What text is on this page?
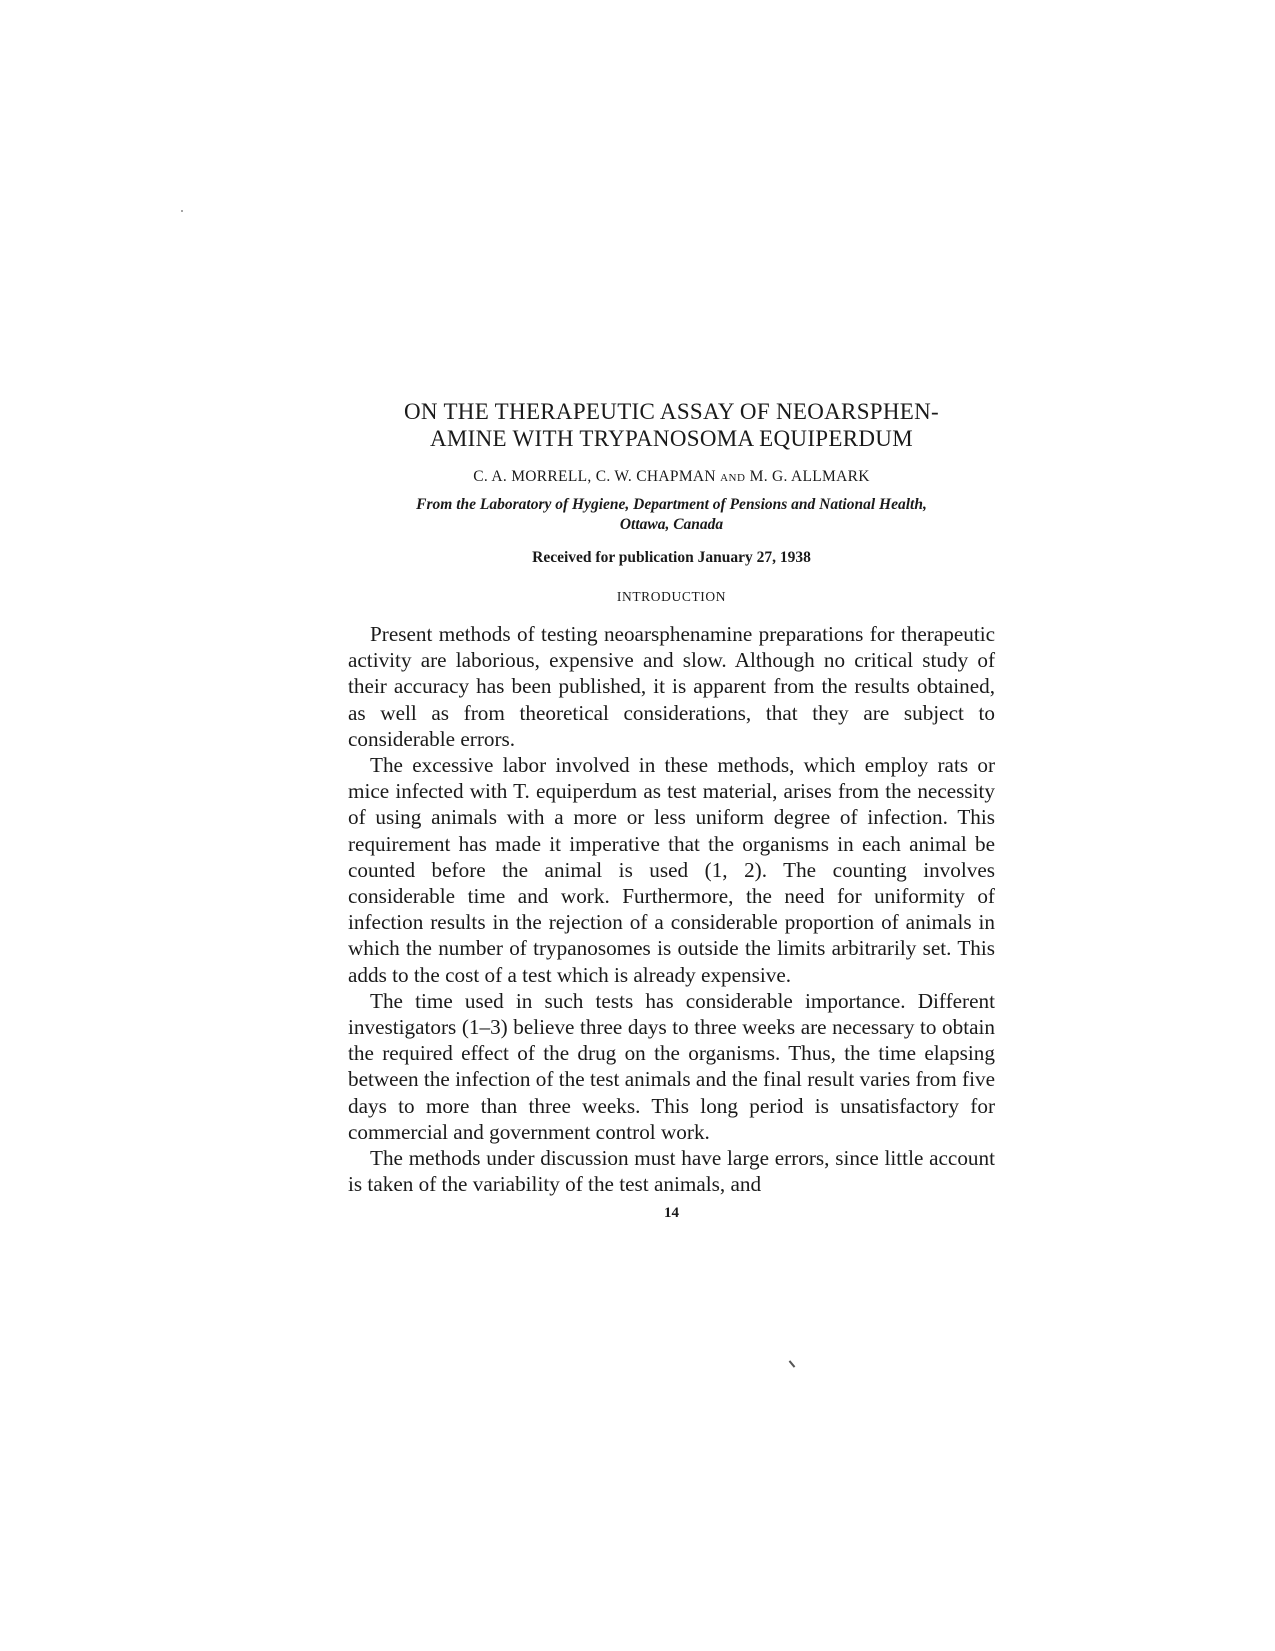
ON THE THERAPEUTIC ASSAY OF NEOARSPHEN-
AMINE WITH TRYPANOSOMA EQUIPERDUM
C. A. MORRELL, C. W. CHAPMAN AND M. G. ALLMARK
From the Laboratory of Hygiene, Department of Pensions and National Health,
Ottawa, Canada
Received for publication January 27, 1938
INTRODUCTION

Present methods of testing neoarsphenamine preparations for therapeutic activity are laborious, expensive and slow. Although no critical study of their accuracy has been published, it is apparent from the results obtained, as well as from theoretical considerations, that they are subject to considerable errors.

The excessive labor involved in these methods, which employ rats or mice infected with T. equiperdum as test material, arises from the necessity of using animals with a more or less uniform degree of infection. This requirement has made it imperative that the organisms in each animal be counted before the animal is used (1, 2). The counting involves considerable time and work. Furthermore, the need for uniformity of infection results in the rejection of a considerable proportion of animals in which the number of trypanosomes is outside the limits arbitrarily set. This adds to the cost of a test which is already expensive.

The time used in such tests has considerable importance. Different investigators (1–3) believe three days to three weeks are necessary to obtain the required effect of the drug on the organisms. Thus, the time elapsing between the infection of the test animals and the final result varies from five days to more than three weeks. This long period is unsatisfactory for commercial and government control work.

The methods under discussion must have large errors, since little account is taken of the variability of the test animals, and

14
